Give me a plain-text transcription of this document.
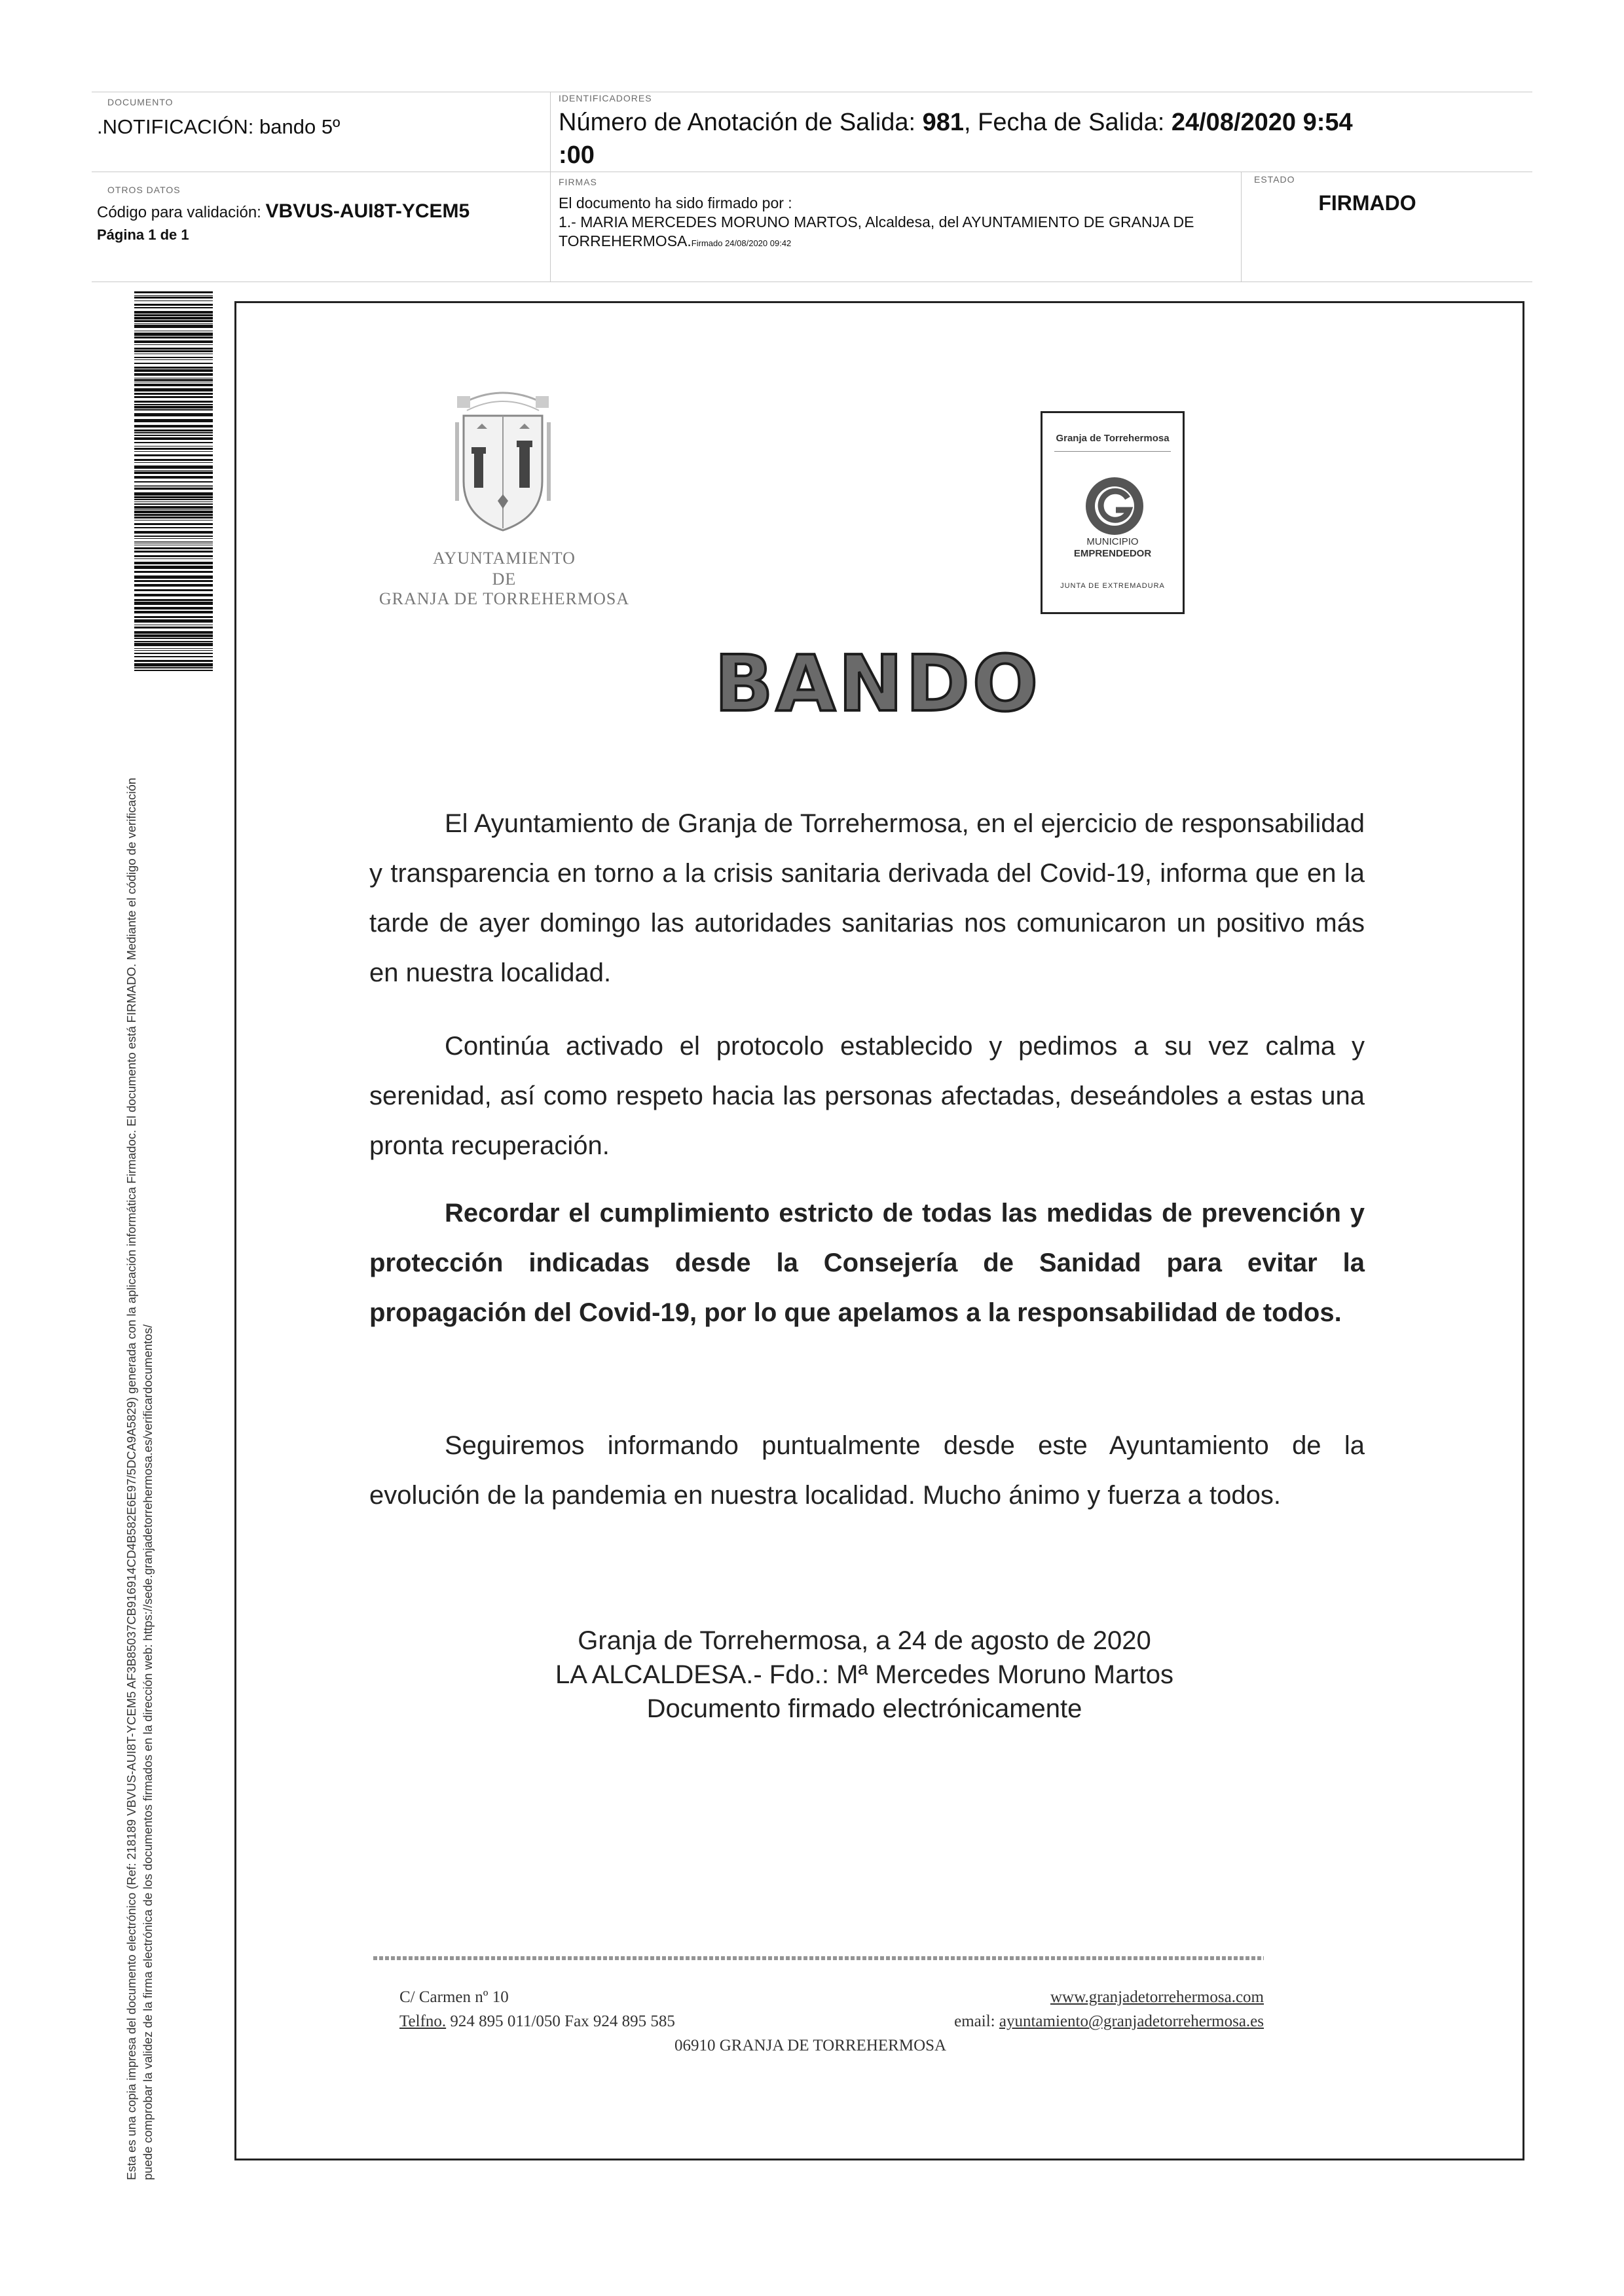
DOCUMENTO
.NOTIFICACIÓN: bando 5º
IDENTIFICADORES
Número de Anotación de Salida: 981, Fecha de Salida: 24/08/2020 9:54
:00
OTROS DATOS
Código para validación: VBVUS-AUI8T-YCEM5
Página 1 de 1
FIRMAS
El documento ha sido firmado por :
1.- MARIA MERCEDES MORUNO MARTOS, Alcaldesa, del AYUNTAMIENTO DE GRANJA DE
TORREHERMOSA.Firmado 24/08/2020 09:42
ESTADO
FIRMADO
Esta es una copia impresa del documento electrónico (Ref: 218189 VBVUS-AUI8T-YCEM5 AF3B85037CB916914CD4B582E6E97/5DCA9A5829) generada con la aplicación informática Firmadoc. El documento está FIRMADO. Mediante el código de verificación puede comprobar la validez de la firma electrónica de los documentos firmados en la dirección web: https://sede.granjadetorrehermosa.es/verificardocumentos/
AYUNTAMIENTO
DE
GRANJA DE TORREHERMOSA
Granja de Torrehermosa
MUNICIPIO
EMPRENDEDOR
JUNTA DE EXTREMADURA
BANDO
El Ayuntamiento de Granja de Torrehermosa, en el ejercicio de responsabilidad y transparencia en torno a la crisis sanitaria derivada del Covid-19, informa que en la tarde de ayer domingo las autoridades sanitarias nos comunicaron un positivo más en nuestra localidad.
Continúa activado el protocolo establecido y pedimos a su vez calma y serenidad, así como respeto hacia las personas afectadas, deseándoles a estas una pronta recuperación.
Recordar el cumplimiento estricto de todas las medidas de prevención y protección indicadas desde la Consejería de Sanidad para evitar la propagación del Covid-19, por lo que apelamos a la responsabilidad de todos.
Seguiremos informando puntualmente desde este Ayuntamiento de la evolución de la pandemia en nuestra localidad. Mucho ánimo y fuerza a todos.
Granja de Torrehermosa, a 24 de agosto de 2020
LA ALCALDESA.- Fdo.: Mª Mercedes Moruno Martos
Documento firmado electrónicamente
C/ Carmen nº 10
Telfno. 924 895 011/050 Fax 924 895 585
www.granjadetorrehermosa.com
email: ayuntamiento@granjadetorrehermosa.es
06910 GRANJA DE TORREHERMOSA
